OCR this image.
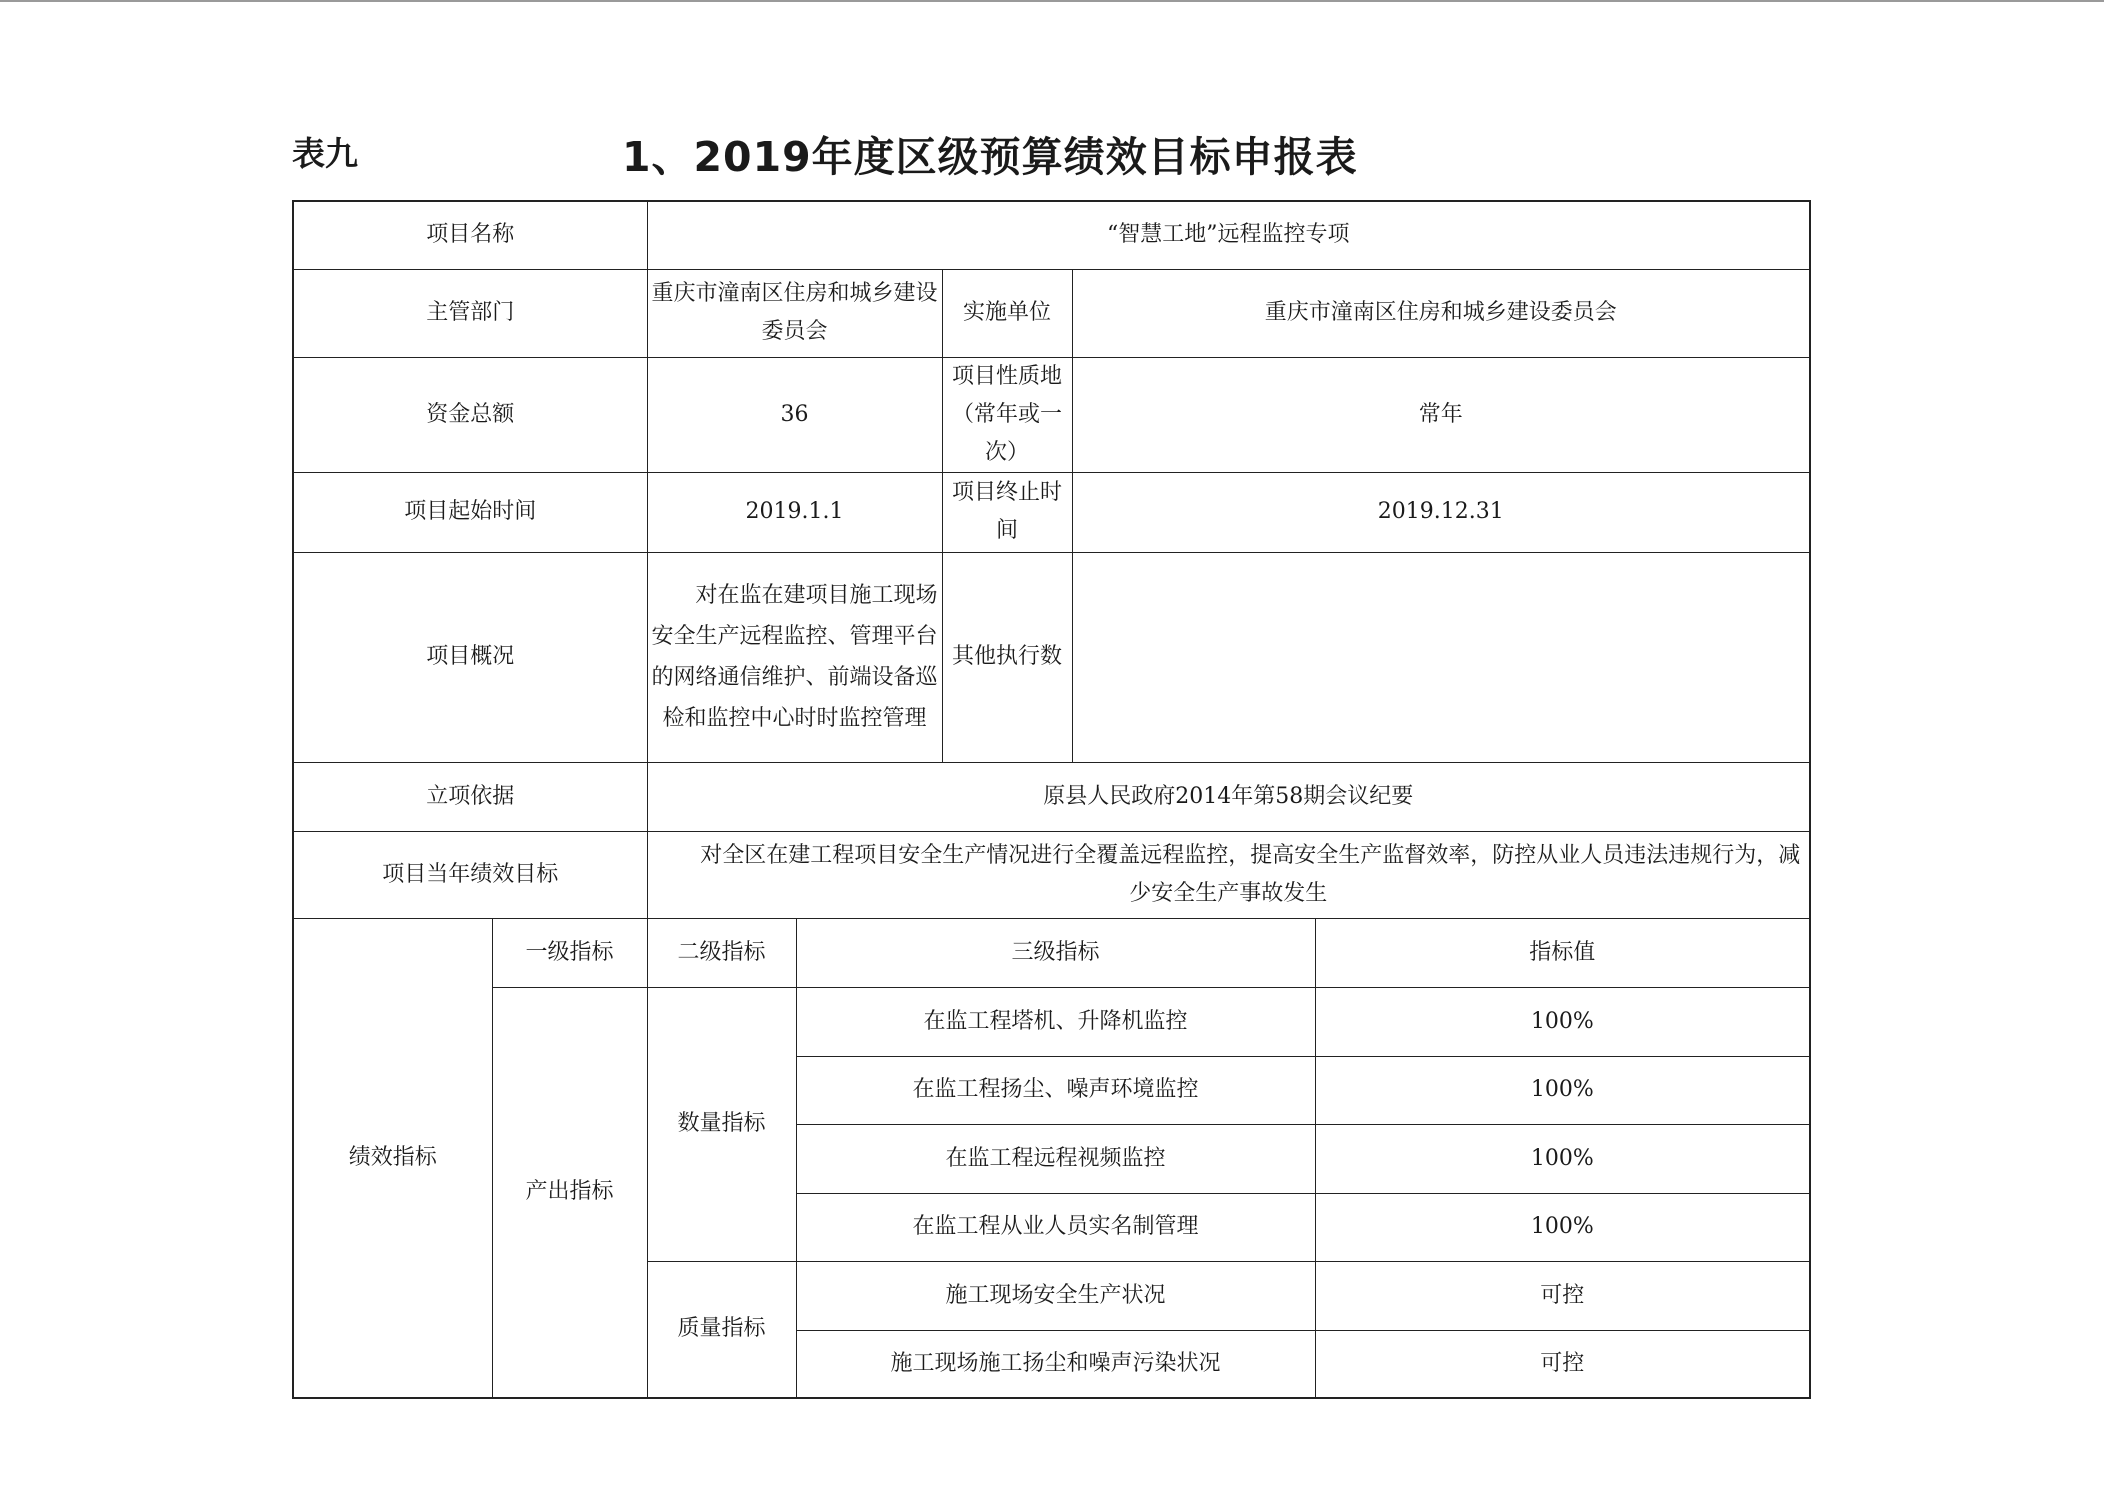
表九	1、2019年度区级预算绩效目标申报表
项目名称		“智慧工地”远程监控专项				
主管部门		重庆市潼南区住房和城乡建设委员会		实施单位	重庆市潼南区住房和城乡建设委员会	
资金总额		36		项目性质地（常年或一次）	常年	
项目起始时间		2019.1.1		项目终止时间	2019.12.31	
项目概况		对在监在建项目施工现场安全生产远程监控、管理平台的网络通信维护、前端设备巡检和监控中心时时监控管理		其他执行数		
立项依据		原县人民政府2014年第58期会议纪要				
项目当年绩效目标		对全区在建工程项目安全生产情况进行全覆盖远程监控，提高安全生产监督效率，防控从业人员违法违规行为，减少安全生产事故发生				
绩效指标	一级指标	二级指标	三级指标			指标值
	产出指标	数量指标	在监工程塔机、升降机监控			100%
			在监工程扬尘、噪声环境监控			100%
			在监工程远程视频监控			100%
			在监工程从业人员实名制管理			100%
		质量指标	施工现场安全生产状况			可控
			施工现场施工扬尘和噪声污染状况			可控
